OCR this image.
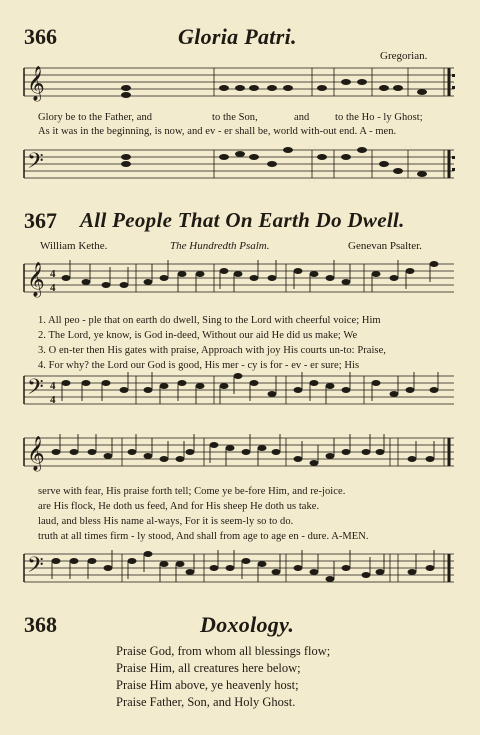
366	Gloria Patri.
Gregorian.
𝄞
Glory be to the Father, and	to the Son,	and to the Ho - ly Ghost;
As it was in the beginning, is now, and ev - er shall be, world with-out end. A - men.
𝄢
367 All People That On Earth Do Dwell.
William Kethe.	The Hundredth Psalm.	Genevan Psalter.
𝄞 4
4
1. All peo - ple that on earth do dwell, Sing to the Lord with cheerful voice; Him
2. The Lord, ye know, is God in-deed, Without our aid He did us make; We
3. O en-ter then His gates with praise, Approach with joy His courts un-to: Praise,
4. For why? the Lord our God is good, His mer - cy is for - ev - er sure; His
𝄢 4
4
𝄞
serve with fear, His praise forth tell; Come ye be-fore Him, and re-joice.
are His flock, He doth us feed, And for His sheep He doth us take.
laud, and bless His name al-ways, For it is seem-ly so to do.
truth at all times firm - ly stood, And shall from age to age en - dure. A-MEN.
𝄢
368	Doxology.
Praise God, from whom all blessings flow;
Praise Him, all creatures here below;
Praise Him above, ye heavenly host;
Praise Father, Son, and Holy Ghost.
